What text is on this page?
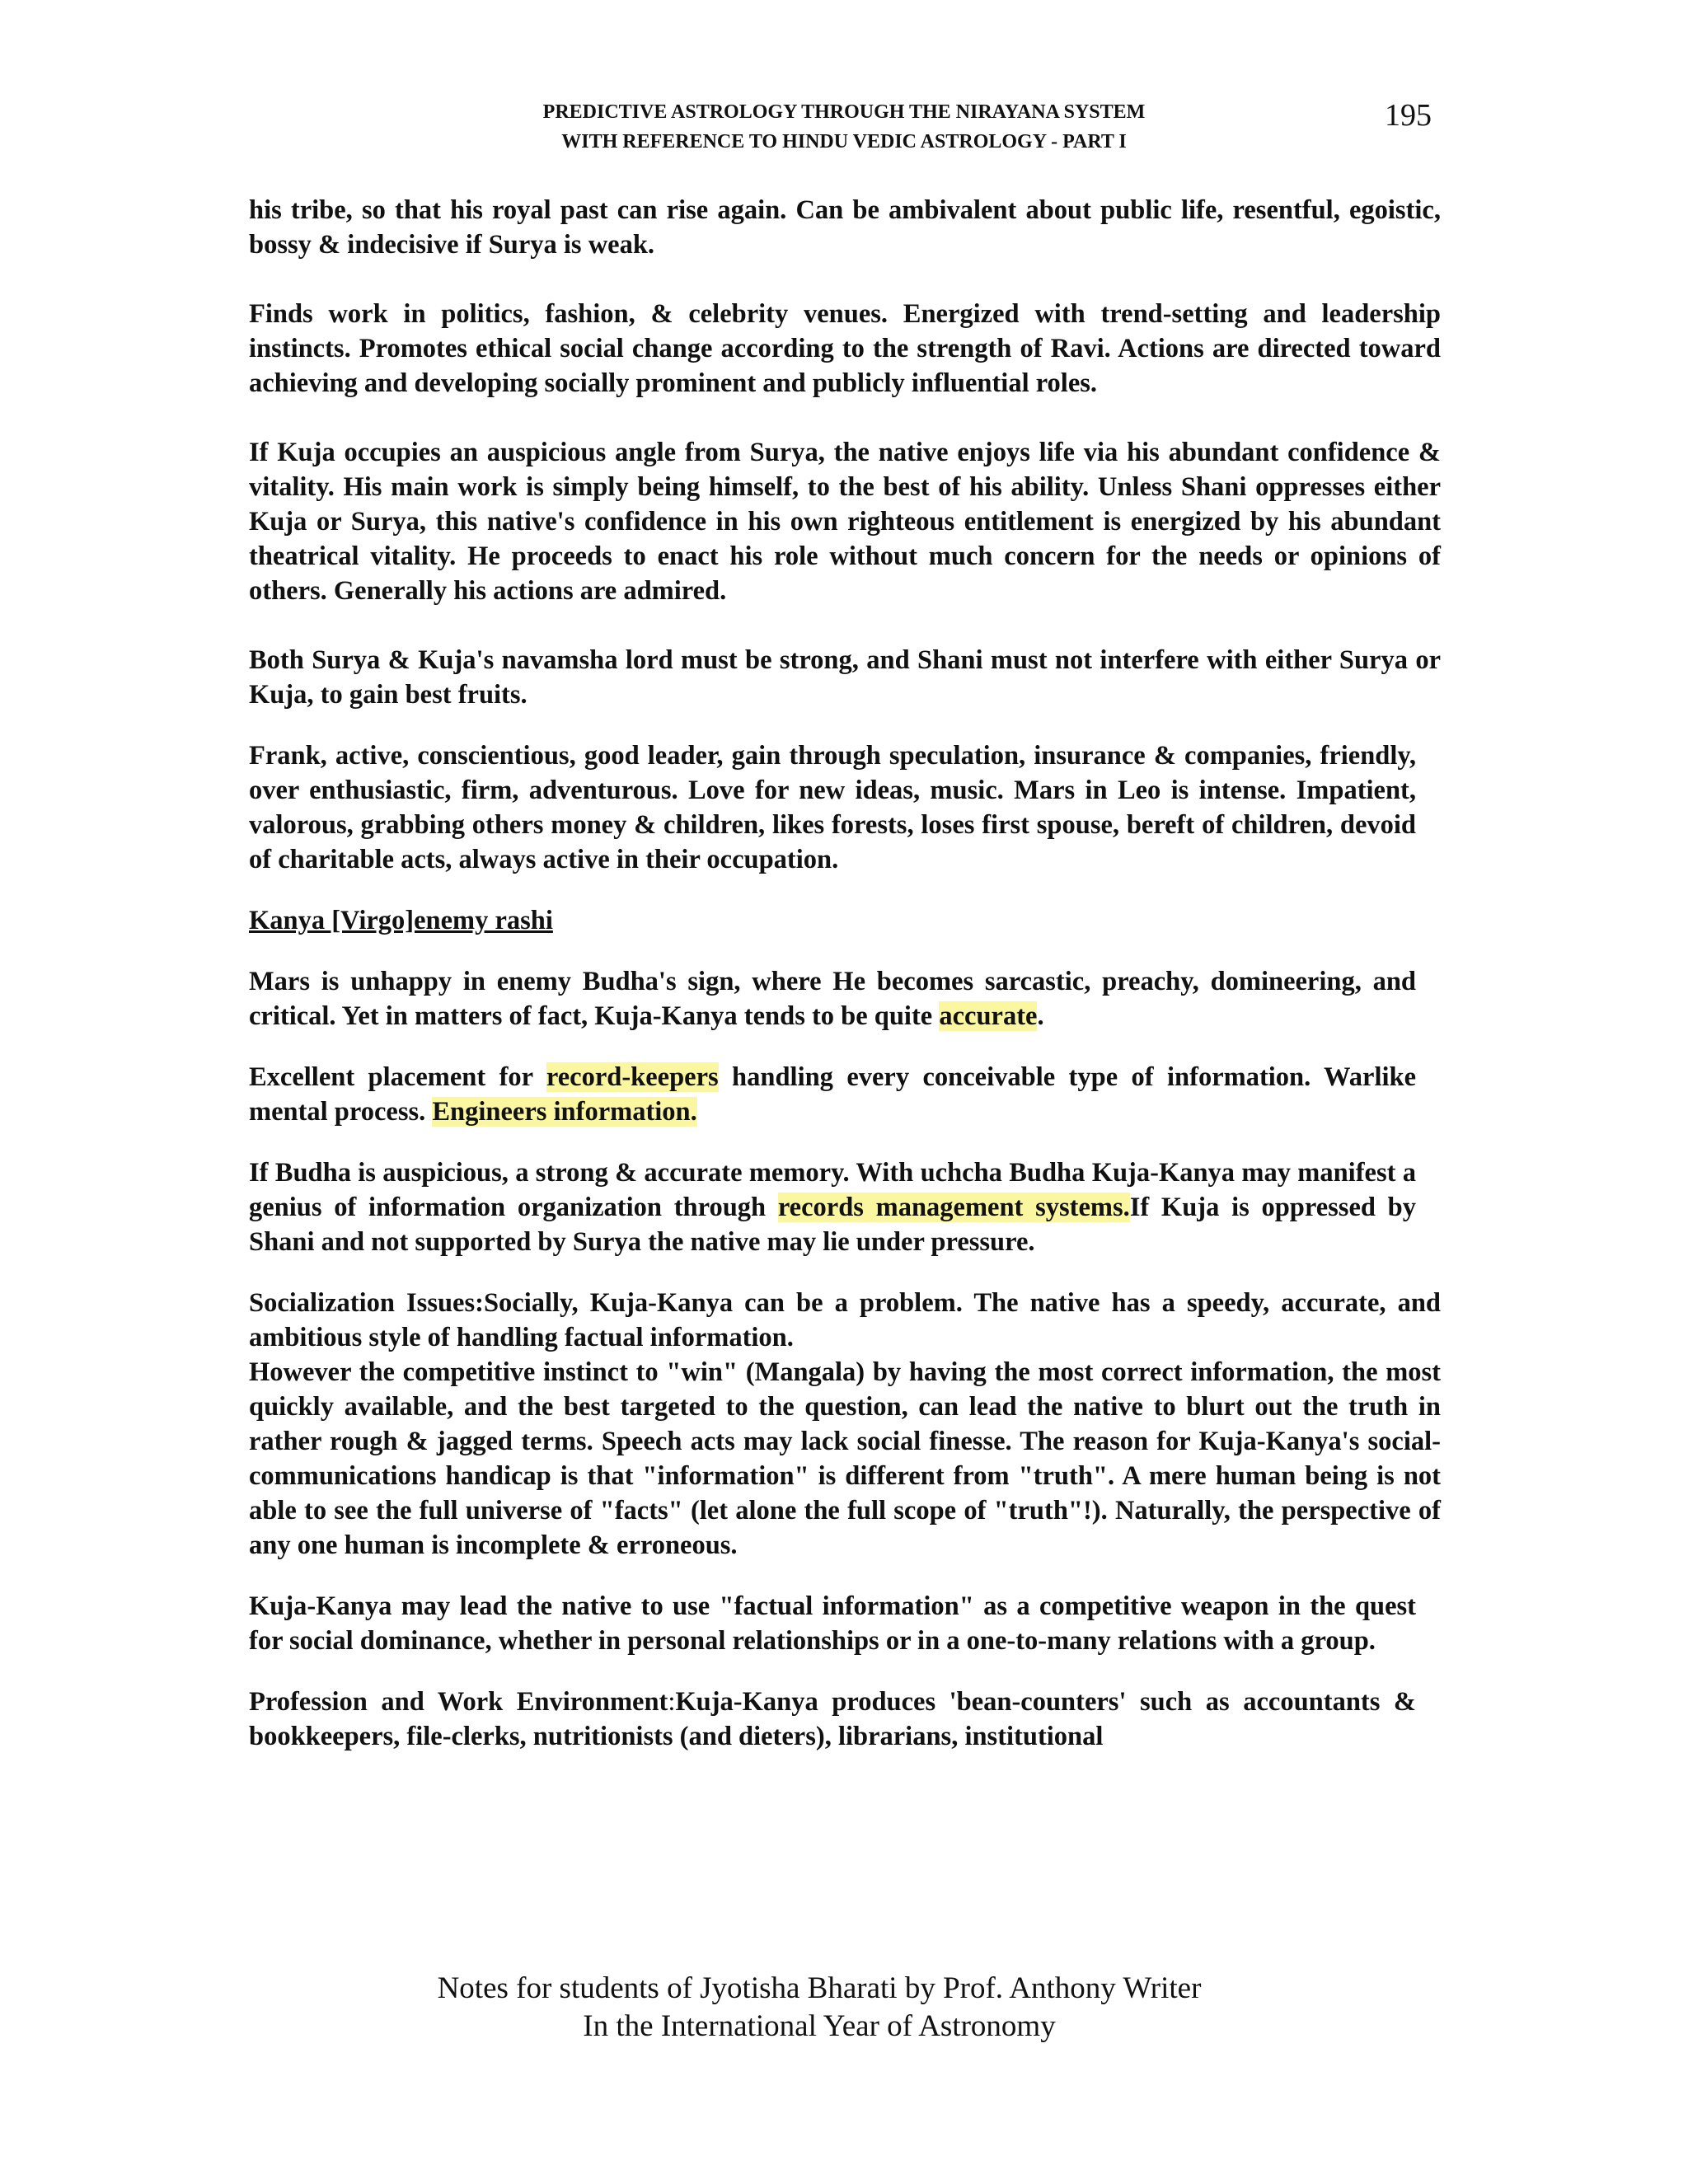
PREDICTIVE ASTROLOGY THROUGH THE NIRAYANA SYSTEM
WITH REFERENCE TO HINDU VEDIC ASTROLOGY - PART I
195

his tribe, so that his royal past can rise again. Can be ambivalent about public life, resentful, egoistic, bossy & indecisive if Surya is weak.

Finds work in politics, fashion, & celebrity venues. Energized with trend-setting and leadership instincts. Promotes ethical social change according to the strength of Ravi. Actions are directed toward achieving and developing socially prominent and publicly influential roles.

If Kuja occupies an auspicious angle from Surya, the native enjoys life via his abundant confidence & vitality. His main work is simply being himself, to the best of his ability. Unless Shani oppresses either Kuja or Surya, this native's confidence in his own righteous entitlement is energized by his abundant theatrical vitality. He proceeds to enact his role without much concern for the needs or opinions of others. Generally his actions are admired.

Both Surya & Kuja's navamsha lord must be strong, and Shani must not interfere with either Surya or Kuja, to gain best fruits.

Frank, active, conscientious, good leader, gain through speculation, insurance & companies, friendly, over enthusiastic, firm, adventurous. Love for new ideas, music. Mars in Leo is intense. Impatient, valorous, grabbing others money & children, likes forests, loses first spouse, bereft of children, devoid of charitable acts, always active in their occupation.

Kanya [Virgo]enemy rashi

Mars is unhappy in enemy Budha's sign, where He becomes sarcastic, preachy, domineering, and critical. Yet in matters of fact, Kuja-Kanya tends to be quite accurate.

Excellent placement for record-keepers handling every conceivable type of information. Warlike mental process. Engineers information.

If Budha is auspicious, a strong & accurate memory. With uchcha Budha Kuja-Kanya may manifest a genius of information organization through records management systems.If Kuja is oppressed by Shani and not supported by Surya the native may lie under pressure.

Socialization Issues:Socially, Kuja-Kanya can be a problem. The native has a speedy, accurate, and ambitious style of handling factual information.

However the competitive instinct to "win" (Mangala) by having the most correct information, the most quickly available, and the best targeted to the question, can lead the native to blurt out the truth in rather rough & jagged terms. Speech acts may lack social finesse. The reason for Kuja-Kanya's social-communications handicap is that "information" is different from "truth". A mere human being is not able to see the full universe of "facts" (let alone the full scope of "truth"!). Naturally, the perspective of any one human is incomplete & erroneous.

Kuja-Kanya may lead the native to use "factual information" as a competitive weapon in the quest for social dominance, whether in personal relationships or in a one-to-many relations with a group.

Profession and Work Environment:Kuja-Kanya produces 'bean-counters' such as accountants & bookkeepers, file-clerks, nutritionists (and dieters), librarians, institutional

Notes for students of Jyotisha Bharati by Prof. Anthony Writer
In the International Year of Astronomy
